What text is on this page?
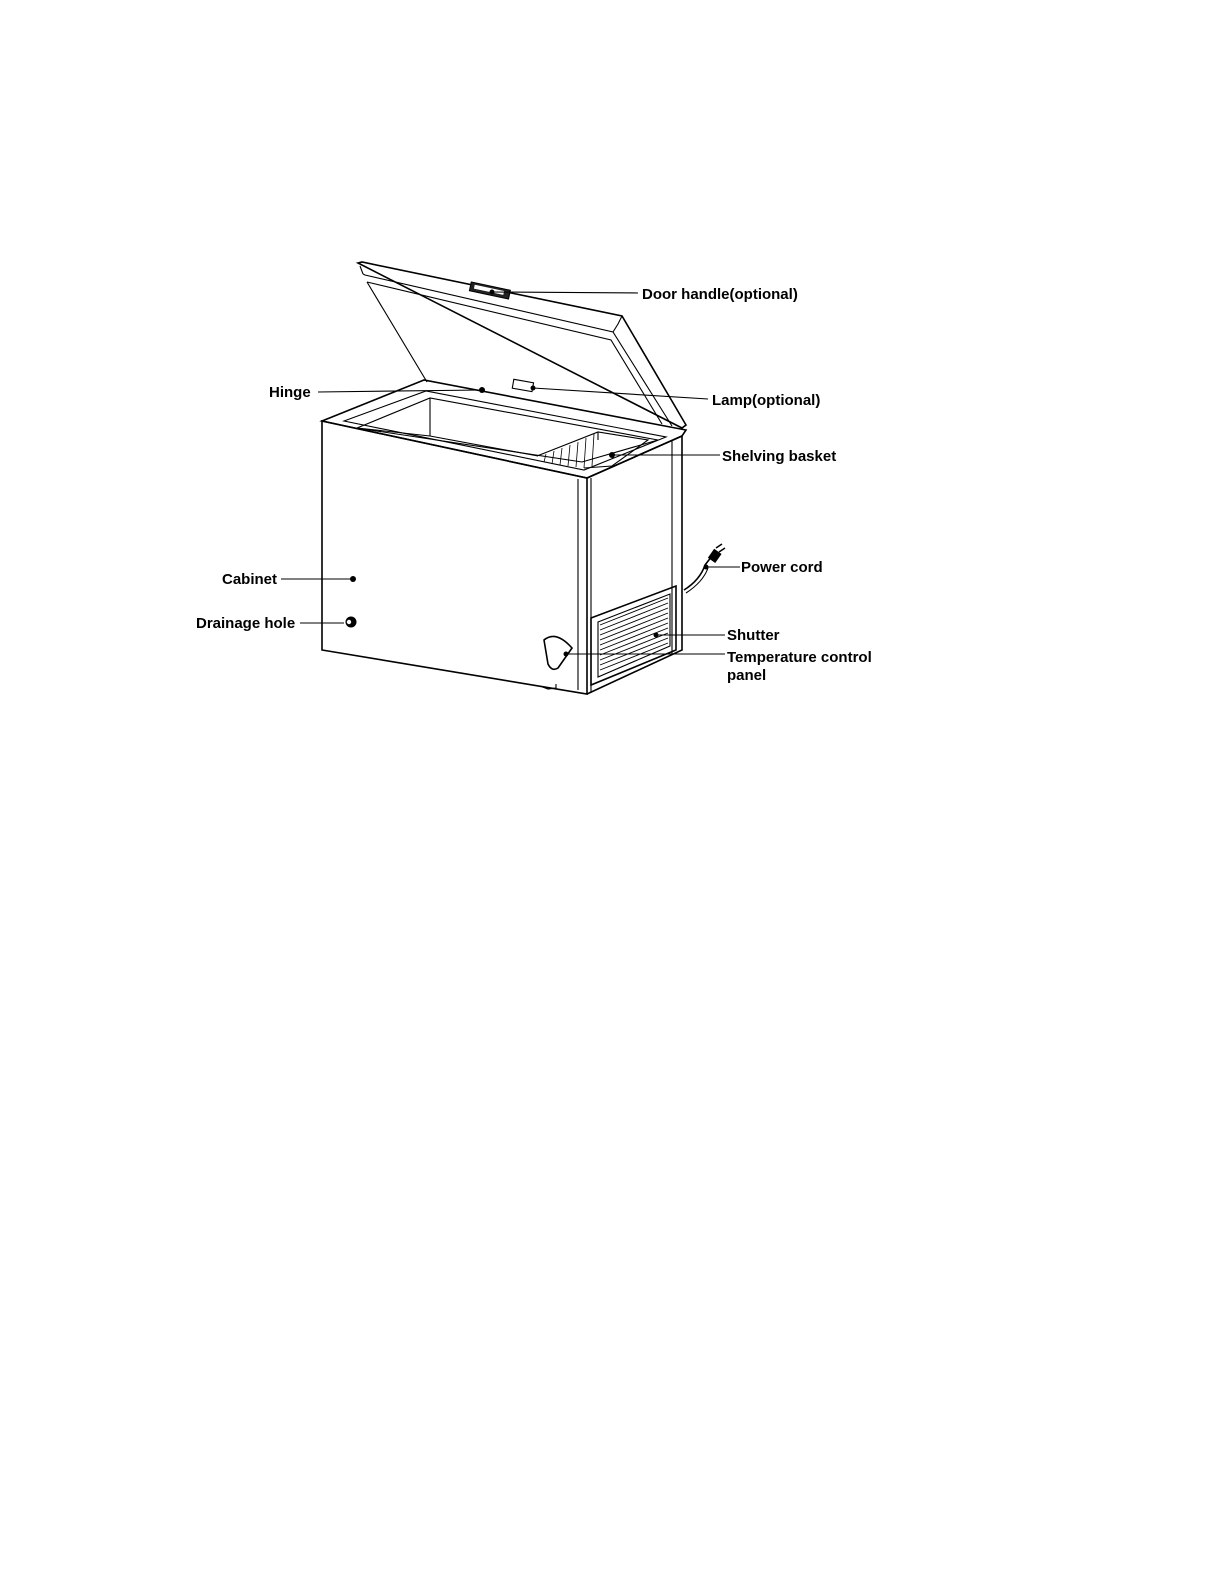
Door handle(optional)
Hinge	Lamp(optional)
Shelving basket
Power cord
Cabinet
Drainage hole
Shutter
Temperature control
panel
